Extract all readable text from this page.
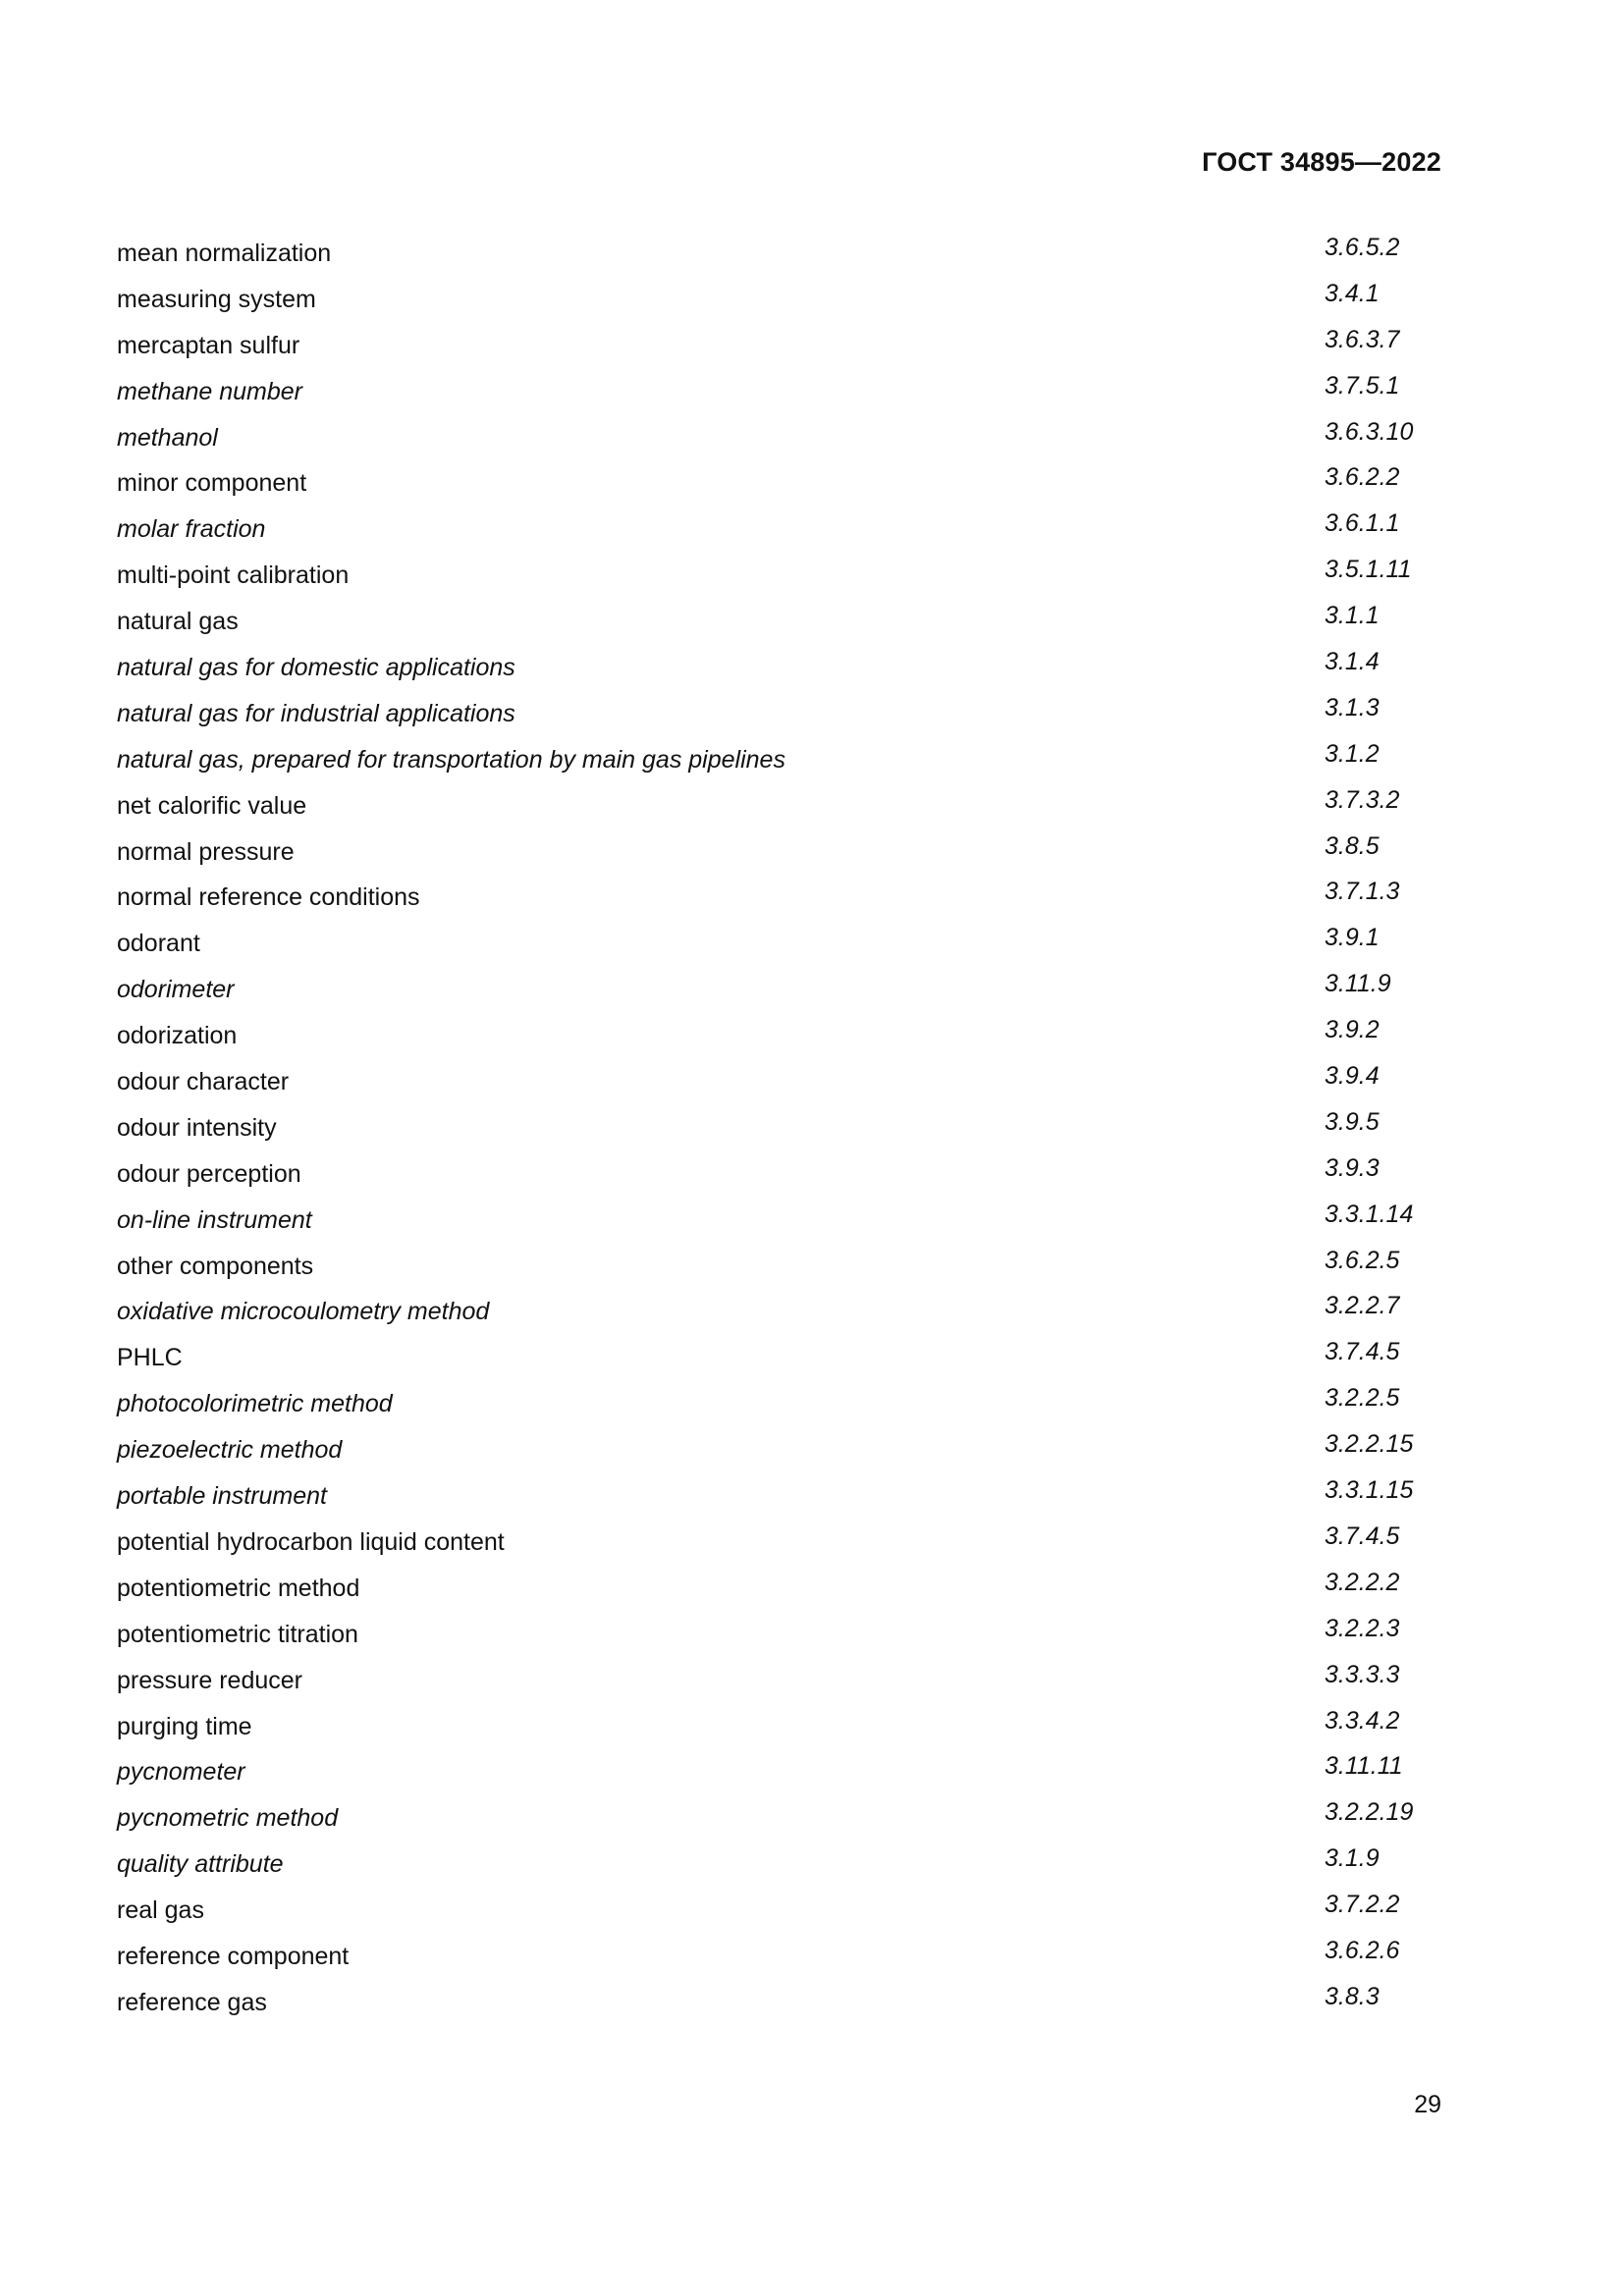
ГОСТ 34895—2022
mean normalization	3.6.5.2
measuring system	3.4.1
mercaptan sulfur	3.6.3.7
methane number	3.7.5.1
methanol	3.6.3.10
minor component	3.6.2.2
molar fraction	3.6.1.1
multi-point calibration	3.5.1.11
natural gas	3.1.1
natural gas for domestic applications	3.1.4
natural gas for industrial applications	3.1.3
natural gas, prepared for transportation by main gas pipelines	3.1.2
net calorific value	3.7.3.2
normal pressure	3.8.5
normal reference conditions	3.7.1.3
odorant	3.9.1
odorimeter	3.11.9
odorization	3.9.2
odour character	3.9.4
odour intensity	3.9.5
odour perception	3.9.3
on-line instrument	3.3.1.14
other components	3.6.2.5
oxidative microcoulometry method	3.2.2.7
PHLC	3.7.4.5
photocolorimetric method	3.2.2.5
piezoelectric method	3.2.2.15
portable instrument	3.3.1.15
potential hydrocarbon liquid content	3.7.4.5
potentiometric method	3.2.2.2
potentiometric titration	3.2.2.3
pressure reducer	3.3.3.3
purging time	3.3.4.2
pycnometer	3.11.11
pycnometric method	3.2.2.19
quality attribute	3.1.9
real gas	3.7.2.2
reference component	3.6.2.6
reference gas	3.8.3
29
